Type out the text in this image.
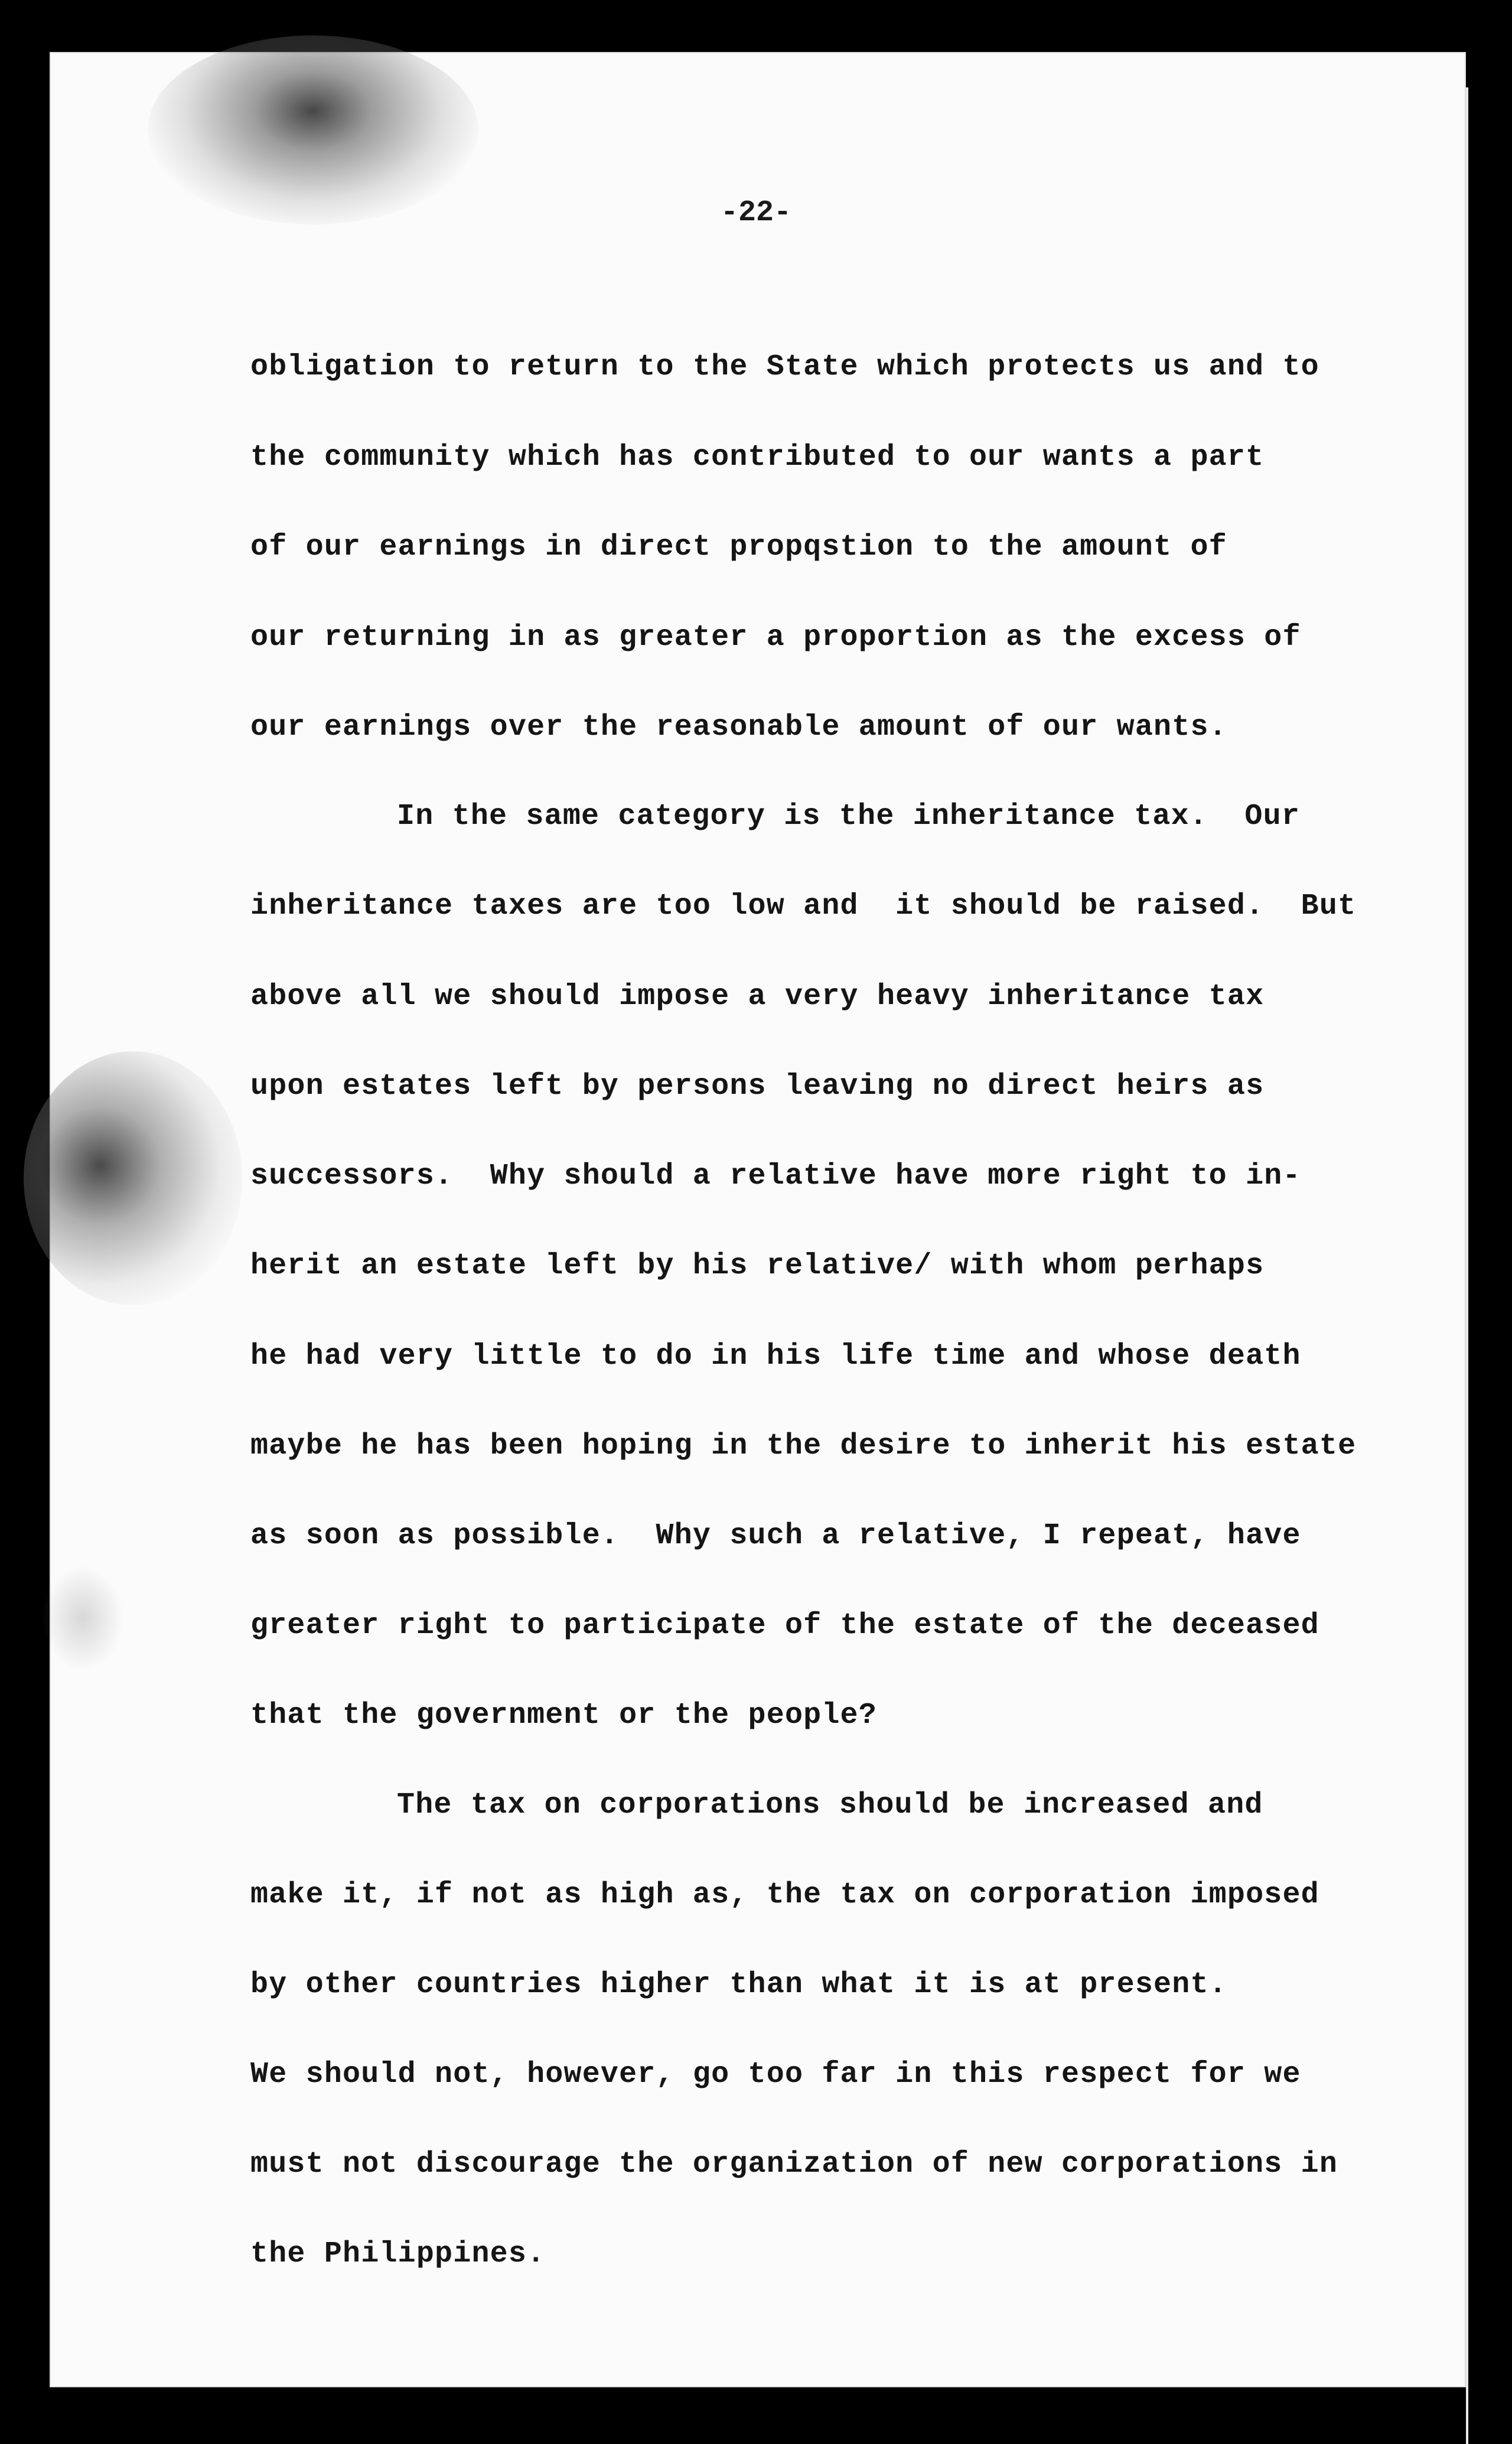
-22-
obligation to return to the State which protects us and to
the community which has contributed to our wants a part
of our earnings in direct propqstion to the amount of
our returning in as greater a proportion as the excess of
our earnings over the reasonable amount of our wants.
In the same category is the inheritance tax.  Our
inheritance taxes are too low and  it should be raised.  But
above all we should impose a very heavy inheritance tax
upon estates left by persons leaving no direct heirs as
successors.  Why should a relative have more right to in-
herit an estate left by his relative/ with whom perhaps
he had very little to do in his life time and whose death
maybe he has been hoping in the desire to inherit his estate
as soon as possible.  Why such a relative, I repeat, have
greater right to participate of the estate of the deceased
that the government or the people?
The tax on corporations should be increased and
make it, if not as high as, the tax on corporation imposed
by other countries higher than what it is at present.
We should not, however, go too far in this respect for we
must not discourage the organization of new corporations in
the Philippines.
